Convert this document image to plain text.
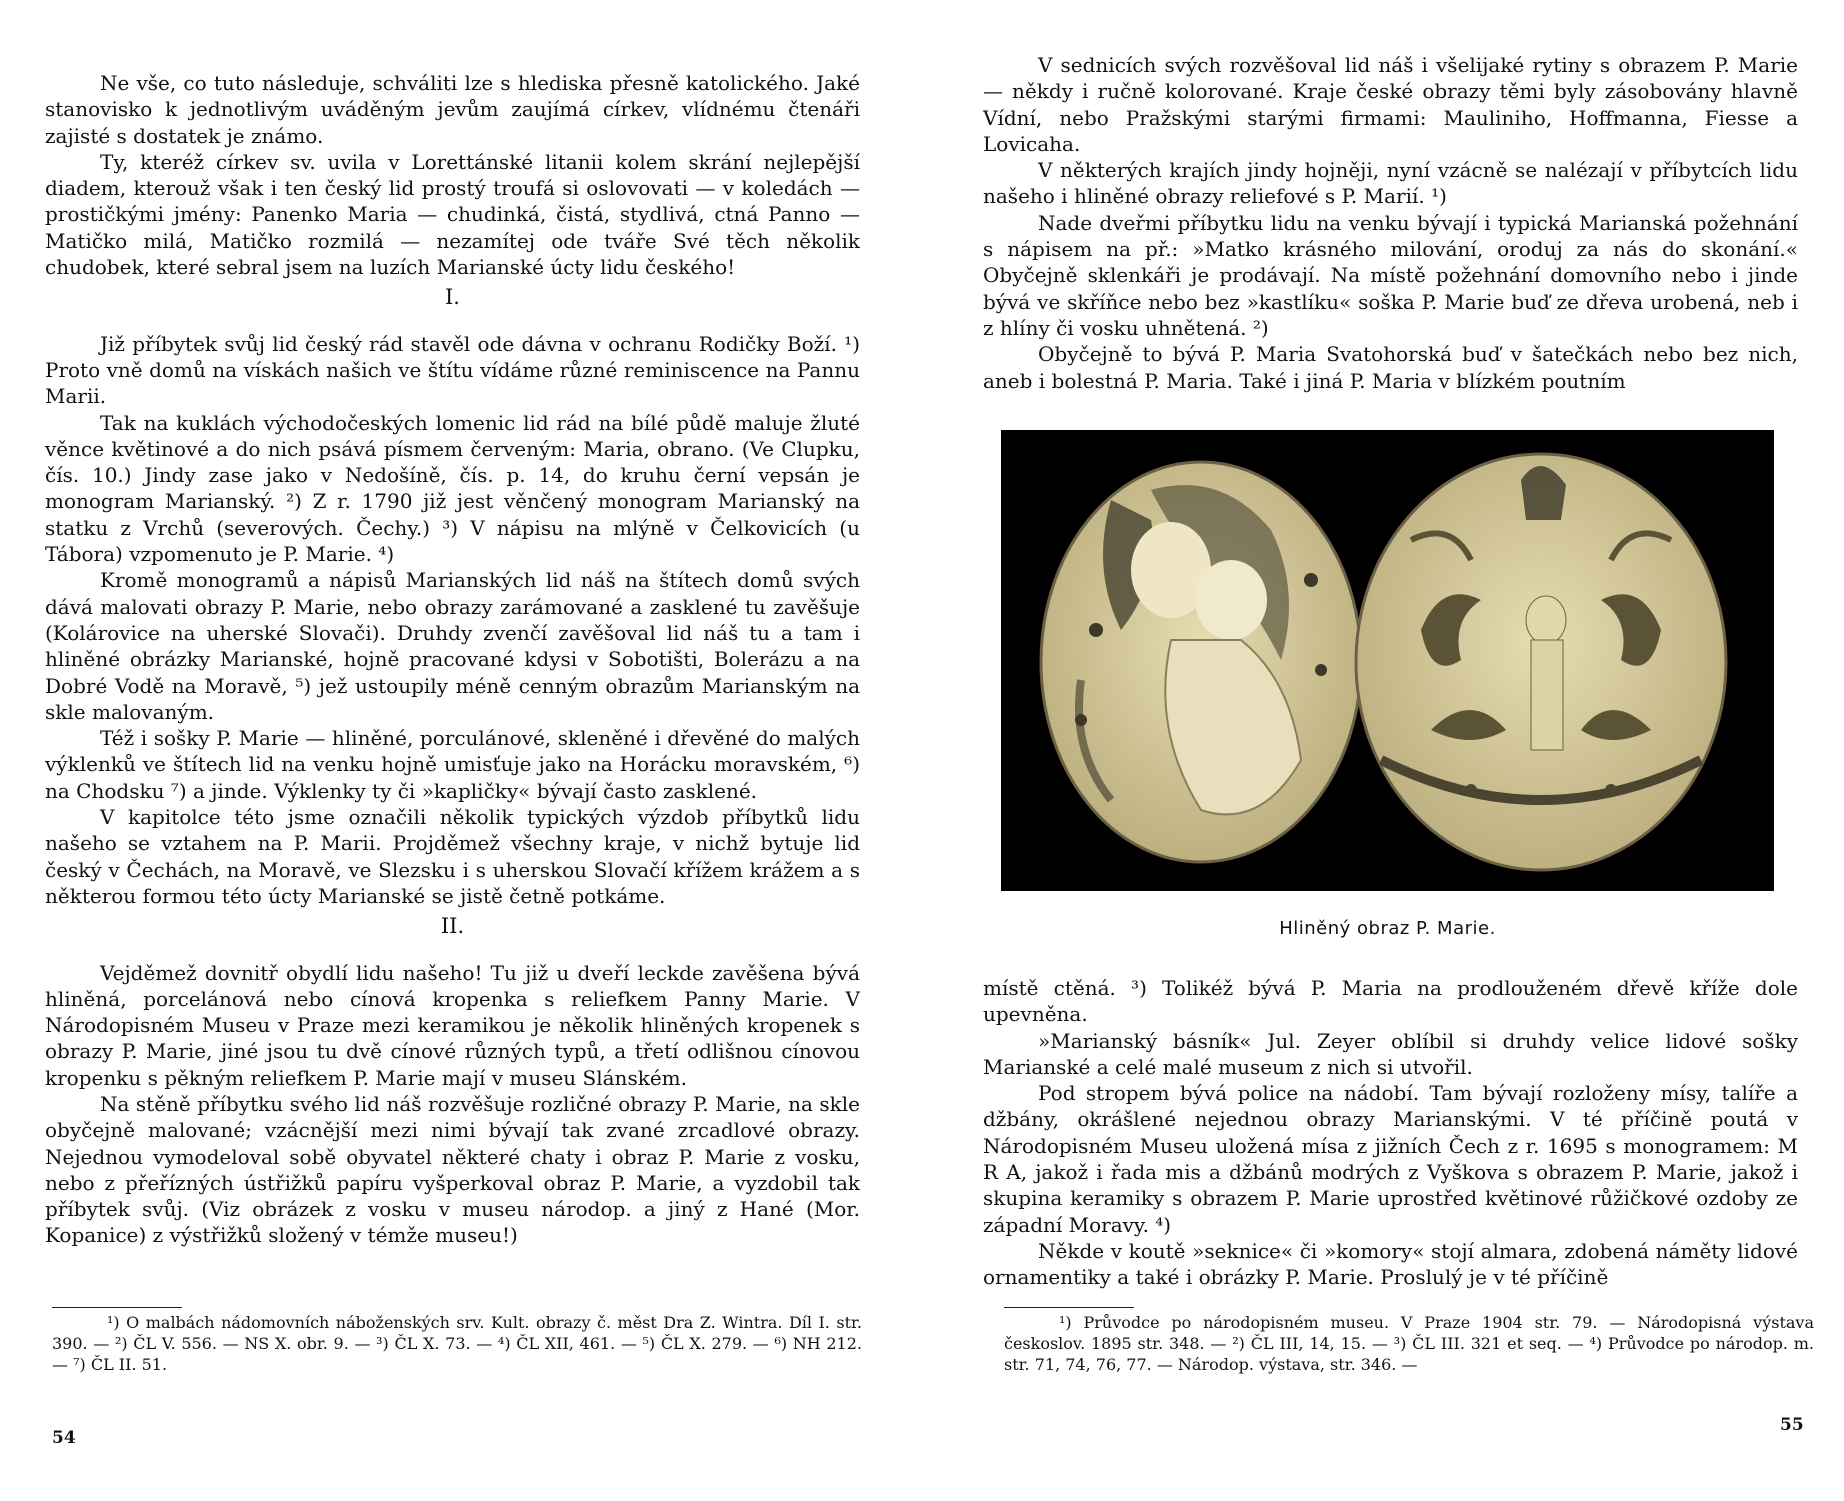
Ne vše, co tuto následuje, schváliti lze s hlediska přesně katolického. Jaké stanovisko k jednotlivým uváděným jevům zaujímá církev, vlídnému čtenáři zajisté s dostatek je známo.

Ty, kteréž církev sv. uvila v Lorettánské litanii kolem skrání nejlepější diadem, kterouž však i ten český lid prostý troufá si oslovovati — v koledách — prostičkými jmény: Panenko Maria — chudinká, čistá, stydlivá, ctná Panno — Matičko milá, Matičko rozmilá — nezamítej ode tváře Své těch několik chudobek, které sebral jsem na luzích Marianské úcty lidu českého!

I.

Již příbytek svůj lid český rád stavěl ode dávna v ochranu Rodičky Boží. ¹) Proto vně domů na vískách našich ve štítu vídáme různé reminiscence na Pannu Marii.

Tak na kuklách východočeských lomenic lid rád na bílé půdě maluje žluté věnce květinové a do nich psává písmem červeným: Maria, obrano. (Ve Clupku, čís. 10.) Jindy zase jako v Nedošíně, čís. p. 14, do kruhu černí vepsán je monogram Marianský. ²) Z r. 1790 již jest věnčený monogram Marianský na statku z Vrchů (severových. Čechy.) ³) V nápisu na mlýně v Čelkovicích (u Tábora) vzpomenuto je P. Marie. ⁴)

Kromě monogramů a nápisů Marianských lid náš na štítech domů svých dává malovati obrazy P. Marie, nebo obrazy zarámované a zasklené tu zavěšuje (Kolárovice na uherské Slovači). Druhdy zvenčí zavěšoval lid náš tu a tam i hliněné obrázky Marianské, hojně pracované kdysi v Sobotišti, Bolerázu a na Dobré Vodě na Moravě, ⁵) jež ustoupily méně cenným obrazům Marianským na skle malovaným.

Též i sošky P. Marie — hliněné, porculánové, skleněné i dřevěné do malých výklenků ve štítech lid na venku hojně umisťuje jako na Horácku moravském, ⁶) na Chodsku ⁷) a jinde. Výklenky ty či »kapličky« bývají často zasklené.

V kapitolce této jsme označili několik typických výzdob příbytků lidu našeho se vztahem na P. Marii. Projděmež všechny kraje, v nichž bytuje lid český v Čechách, na Moravě, ve Slezsku i s uherskou Slovačí křížem krážem a s některou formou této úcty Marianské se jistě četně potkáme.

II.

Vejděmež dovnitř obydlí lidu našeho! Tu již u dveří leckde zavěšena bývá hliněná, porcelánová nebo cínová kropenka s reliefkem Panny Marie. V Národopisném Museu v Praze mezi keramikou je několik hliněných kropenek s obrazy P. Marie, jiné jsou tu dvě cínové různých typů, a třetí odlišnou cínovou kropenku s pěkným reliefkem P. Marie mají v museu Slánském.

Na stěně příbytku svého lid náš rozvěšuje rozličné obrazy P. Marie, na skle obyčejně malované; vzácnější mezi nimi bývají tak zvané zrcadlové obrazy. Nejednou vymodeloval sobě obyvatel některé chaty i obraz P. Marie z vosku, nebo z přeřízných ústřižků papíru vyšperkoval obraz P. Marie, a vyzdobil tak příbytek svůj. (Viz obrázek z vosku v museu národop. a jiný z Hané (Mor. Kopanice) z výstřižků složený v témže museu!)

¹) O malbách nádomovních náboženských srv. Kult. obrazy č. měst Dra Z. Wintra. Díl I. str. 390. — ²) ČL V. 556. — NS X. obr. 9. — ³) ČL X. 73. — ⁴) ČL XII, 461. — ⁵) ČL X. 279. — ⁶) NH 212. — ⁷) ČL II. 51.

54

V sednicích svých rozvěšoval lid náš i všelijaké rytiny s obrazem P. Marie — někdy i ručně kolorované. Kraje české obrazy těmi byly zásobovány hlavně Vídní, nebo Pražskými starými firmami: Mauliniho, Hoffmanna, Fiesse a Lovicaha.

V některých krajích jindy hojněji, nyní vzácně se nalézají v příbytcích lidu našeho i hliněné obrazy reliefové s P. Marií. ¹)

Nade dveřmi příbytku lidu na venku bývají i typická Marianská požehnání s nápisem na př.: »Matko krásného milování, oroduj za nás do skonání.« Obyčejně sklenkáři je prodávají. Na místě požehnání domovního nebo i jinde bývá ve skříňce nebo bez »kastlíku« soška P. Marie buď ze dřeva urobená, neb i z hlíny či vosku uhnětená. ²)

Obyčejně to bývá P. Maria Svatohorská buď v šatečkách nebo bez nich, aneb i bolestná P. Maria. Také i jiná P. Maria v blízkém poutním

Hliněný obraz P. Marie.

místě ctěná. ³) Tolikéž bývá P. Maria na prodlouženém dřevě kříže dole upevněna.

»Marianský básník« Jul. Zeyer oblíbil si druhdy velice lidové sošky Marianské a celé malé museum z nich si utvořil.

Pod stropem bývá police na nádobí. Tam bývají rozloženy mísy, talíře a džbány, okrášlené nejednou obrazy Marianskými. V té příčině poutá v Národopisném Museu uložená mísa z jižních Čech z r. 1695 s monogramem: M R A, jakož i řada mis a džbánů modrých z Vyškova s obrazem P. Marie, jakož i skupina keramiky s obrazem P. Marie uprostřed květinové růžičkové ozdoby ze západní Moravy. ⁴)

Někde v koutě »seknice« či »komory« stojí almara, zdobená náměty lidové ornamentiky a také i obrázky P. Marie. Proslulý je v té příčině

¹) Průvodce po národopisném museu. V Praze 1904 str. 79. — Národopisná výstava českoslov. 1895 str. 348. — ²) ČL III, 14, 15. — ³) ČL III. 321 et seq. — ⁴) Průvodce po národop. m. str. 71, 74, 76, 77. — Národop. výstava, str. 346. —

55
